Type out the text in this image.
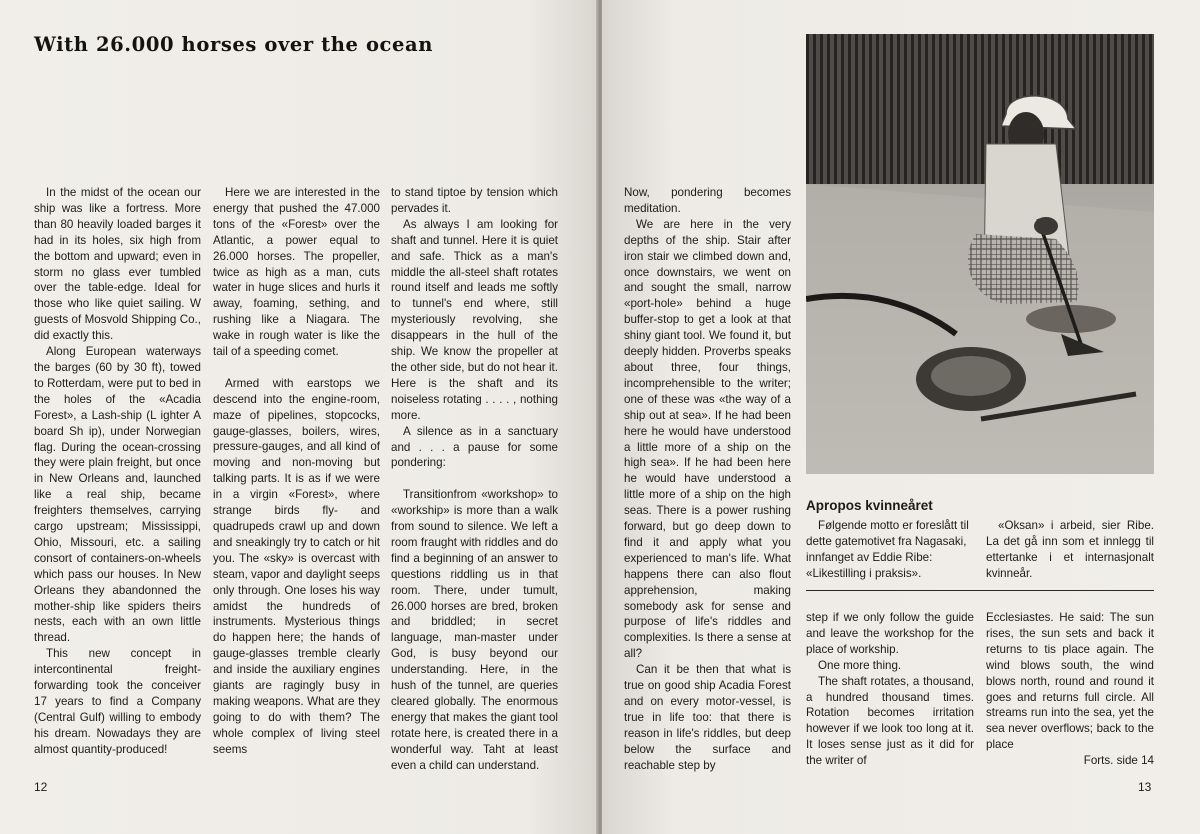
With 26.000 horses over the ocean

In the midst of the ocean our ship was like a fortress. More than 80 heavily loaded barges it had in its holes, six high from the bottom and upward; even in storm no glass ever tumbled over the table-edge. Ideal for those who like quiet sailing. W guests of Mosvold Shipping Co., did exactly this.

Along European waterways the barges (60 by 30 ft), towed to Rotterdam, were put to bed in the holes of the «Acadia Forest», a Lash-ship (L ighter A board Sh ip), under Norwegian flag. During the ocean-crossing they were plain freight, but once in New Orleans and, launched like a real ship, became freighters themselves, carrying cargo upstream; Mississippi, Ohio, Missouri, etc. a sailing consort of containers-on-wheels which pass our houses. In New Orleans they abandonned the mother-ship like spiders theirs nests, each with an own little thread.

This new concept in intercontinental freight-forwarding took the conceiver 17 years to find a Company (Central Gulf) willing to embody his dream. Nowadays they are almost quantity-produced!

Here we are interested in the energy that pushed the 47.000 tons of the «Forest» over the Atlantic, a power equal to 26.000 horses. The propeller, twice as high as a man, cuts water in huge slices and hurls it away, foaming, sething, and rushing like a Niagara. The wake in rough water is like the tail of a speeding comet.

Armed with earstops we descend into the engine-room, maze of pipelines, stopcocks, gauge-glasses, boilers, wires, pressure-gauges, and all kind of moving and non-moving but talking parts. It is as if we were in a virgin «Forest», where strange birds fly- and quadrupeds crawl up and down and sneakingly try to catch or hit you. The «sky» is overcast with steam, vapor and daylight seeps only through. One loses his way amidst the hundreds of instruments. Mysterious things do happen here; the hands of gauge-glasses tremble clearly and inside the auxiliary engines giants are ragingly busy in making weapons. What are they going to do with them? The whole complex of living steel seems

to stand tiptoe by tension which pervades it.

As always I am looking for shaft and tunnel. Here it is quiet and safe. Thick as a man's middle the all-steel shaft rotates round itself and leads me softly to tunnel's end where, still mysteriously revolving, she disappears in the hull of the ship. We know the propeller at the other side, but do not hear it. Here is the shaft and its noiseless rotating . . . . , nothing more.

A silence as in a sanctuary and . . . a pause for some pondering:

Transitionfrom «workshop» to «workship» is more than a walk from sound to silence. We left a room fraught with riddles and do find a beginning of an answer to questions riddling us in that room. There, under tumult, 26.000 horses are bred, broken and briddled; in secret language, man-master under God, is busy beyond our understanding. Here, in the hush of the tunnel, are queries cleared globally. The enormous energy that makes the giant tool rotate here, is created there in a wonderful way. Taht at least even a child can understand.

12

Now, pondering becomes meditation.

We are here in the very depths of the ship. Stair after iron stair we climbed down and, once downstairs, we went on and sought the small, narrow «port-hole» behind a huge buffer-stop to get a look at that shiny giant tool. We found it, but deeply hidden. Proverbs speaks about three, four things, incomprehensible to the writer; one of these was «the way of a ship out at sea». If he had been here he would have understood a little more of a ship on the high sea». If he had been here he would have understood a little more of a ship on the high seas. There is a power rushing forward, but go deep down to find it and apply what you experienced to man's life. What happens there can also flout apprehension, making somebody ask for sense and purpose of life's riddles and complexities. Is there a sense at all?

Can it be then that what is true on good ship Acadia Forest and on every motor-vessel, is true in life too: that there is reason in life's riddles, but deep below the surface and reachable step by

Apropos kvinneåret

Følgende motto er foreslått til dette gatemotivet fra Nagasaki, innfanget av Eddie Ribe: «Likestilling i praksis».

«Oksan» i arbeid, sier Ribe. La det gå inn som et innlegg til ettertanke i et internasjonalt kvinneår.

step if we only follow the guide and leave the workshop for the place of workship.

One more thing.

The shaft rotates, a thousand, a hundred thousand times. Rotation becomes irritation however if we look too long at it. It loses sense just as it did for the writer of

Ecclesiastes. He said: The sun rises, the sun sets and back it returns to tis place again. The wind blows south, the wind blows north, round and round it goes and returns full circle. All streams run into the sea, yet the sea never overflows; back to the place

Forts. side 14

13
